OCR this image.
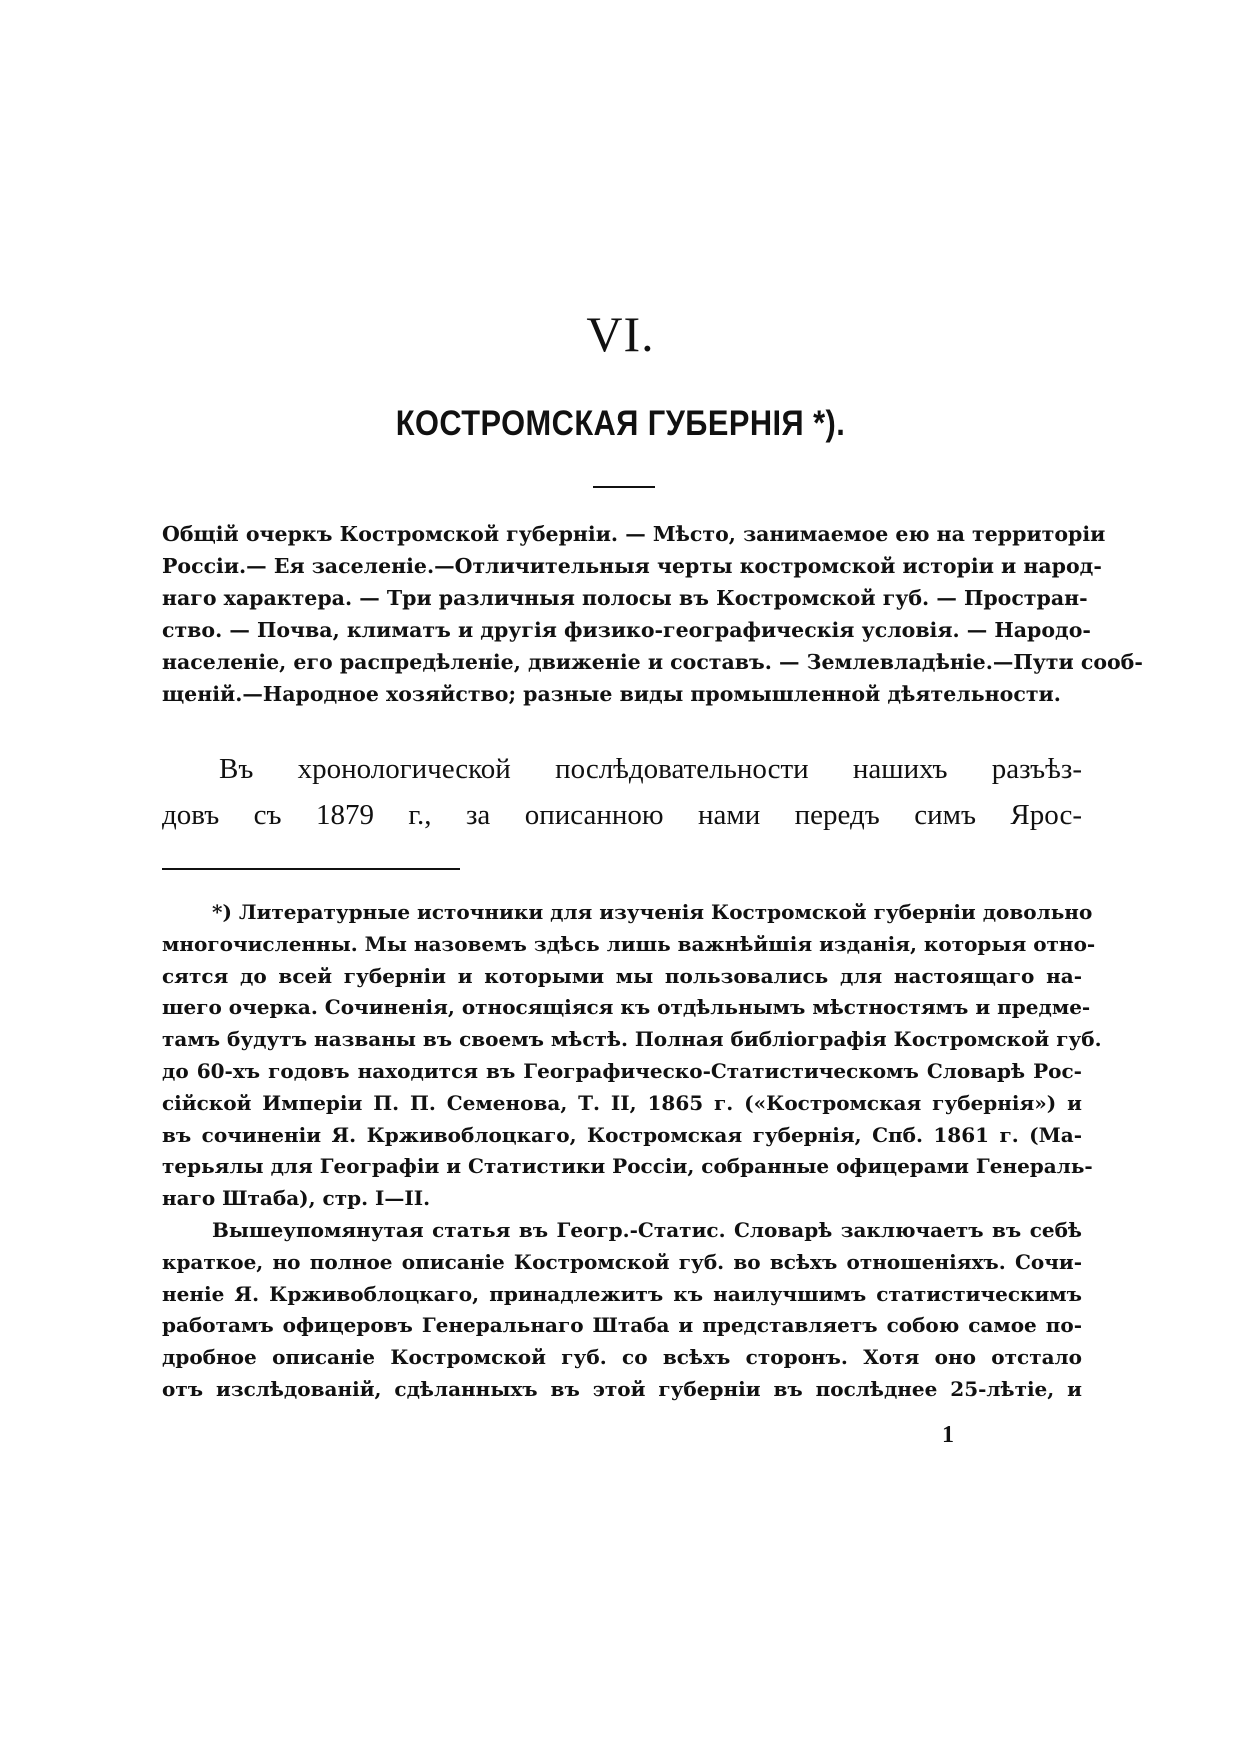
VI.
КОСТРОМСКАЯ ГУБЕРНІЯ *).
Общій очеркъ Костромской губерніи. — Мѣсто, занимаемое ею на территоріи
Россіи.— Ея заселеніе.—Отличительныя черты костромской исторіи и народ-
наго характера. — Три различныя полосы въ Костромской губ. — Простран-
ство. — Почва, климатъ и другія физико-географическія условія. — Народо-
населеніе, его распредѣленіе, движеніе и составъ. — Землевладѣніе.—Пути сооб-
щеній.—Народное хозяйство; разные виды промышленной дѣятельности.
Въ хронологической послѣдовательности нашихъ разъѣз-
довъ съ 1879 г., за описанною нами передъ симъ Ярос-
*) Литературные источники для изученія Костромской губерніи довольно
многочисленны. Мы назовемъ здѣсь лишь важнѣйшія изданія, которыя отно-
сятся до всей губерніи и которыми мы пользовались для настоящаго на-
шего очерка. Сочиненія, относящіяся къ отдѣльнымъ мѣстностямъ и предме-
тамъ будутъ названы въ своемъ мѣстѣ. Полная библіографія Костромской губ.
до 60-хъ годовъ находится въ Географическо-Статистическомъ Словарѣ Рос-
сійской Имперіи П. П. Семенова, Т. II, 1865 г. («Костромская губернія») и
въ сочиненіи Я. Крживоблоцкаго, Костромская губернія, Спб. 1861 г. (Ма-
терьялы для Географіи и Статистики Россіи, собранные офицерами Генераль-
наго Штаба), стр. I—II.
Вышеупомянутая статья въ Геогр.-Статис. Словарѣ заключаетъ въ себѣ
краткое, но полное описаніе Костромской губ. во всѣхъ отношеніяхъ. Сочи-
неніе Я. Крживоблоцкаго, принадлежитъ къ наилучшимъ статистическимъ
работамъ офицеровъ Генеральнаго Штаба и представляетъ собою самое по-
дробное описаніе Костромской губ. со всѣхъ сторонъ. Хотя оно отстало
отъ изслѣдованій, сдѣланныхъ въ этой губерніи въ послѣднее 25-лѣтіе, и
1
